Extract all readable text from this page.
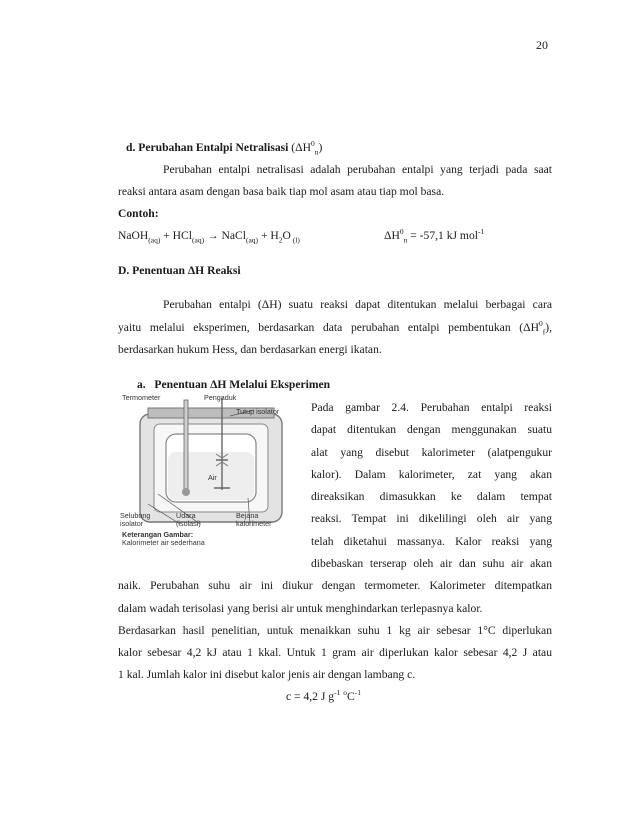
20
d. Perubahan Entalpi Netralisasi $(\Delta H^0_n)$
Perubahan entalpi netralisasi adalah perubahan entalpi yang terjadi pada saat
reaksi antara asam dengan basa baik tiap mol asam atau tiap mol basa.
Contoh:
NaOH$_{(aq)}$ + HCl$_{(aq)}$ → NaCl$_{(aq)}$ + $H_2O$ $_{(l)}$	$\Delta H^0_n = -57,1$ kJ mol$^{-1}$
D. Penentuan ΔH Reaksi
Perubahan entalpi (ΔH) suatu reaksi dapat ditentukan melalui berbagai cara
yaitu melalui eksperimen, berdasarkan data perubahan entalpi pembentukan $(\Delta H^0_f)$,
berdasarkan hukum Hess, dan berdasarkan energi ikatan.
a.   Penentuan ΔH Melalui Eksperimen
Termometer	Pengaduk
Tutup isolator
Air
Selubung
isolator
Udara
(isolasi)
Bejana
kalorimeter
Keterangan Gambar:
Kalorimeter air sederhana
Pada gambar 2.4. Perubahan entalpi reaksi
dapat ditentukan dengan menggunakan suatu
alat yang disebut kalorimeter (alatpengukur
kalor). Dalam kalorimeter, zat yang akan
direaksikan dimasukkan ke dalam tempat
reaksi. Tempat ini dikelilingi oleh air yang
telah diketahui massanya. Kalor reaksi yang
dibebaskan terserap oleh air dan suhu air akan
naik. Perubahan suhu air ini diukur dengan termometer. Kalorimeter ditempatkan
dalam wadah terisolasi yang berisi air untuk menghindarkan terlepasnya kalor.
Berdasarkan hasil penelitian, untuk menaikkan suhu 1 kg air sebesar 1°C diperlukan
kalor sebesar 4,2 kJ atau 1 kkal. Untuk 1 gram air diperlukan kalor sebesar 4,2 J atau
1 kal. Jumlah kalor ini disebut kalor jenis air dengan lambang c.
c = 4,2 J $g^{-1}$ $^oC^{-1}$
